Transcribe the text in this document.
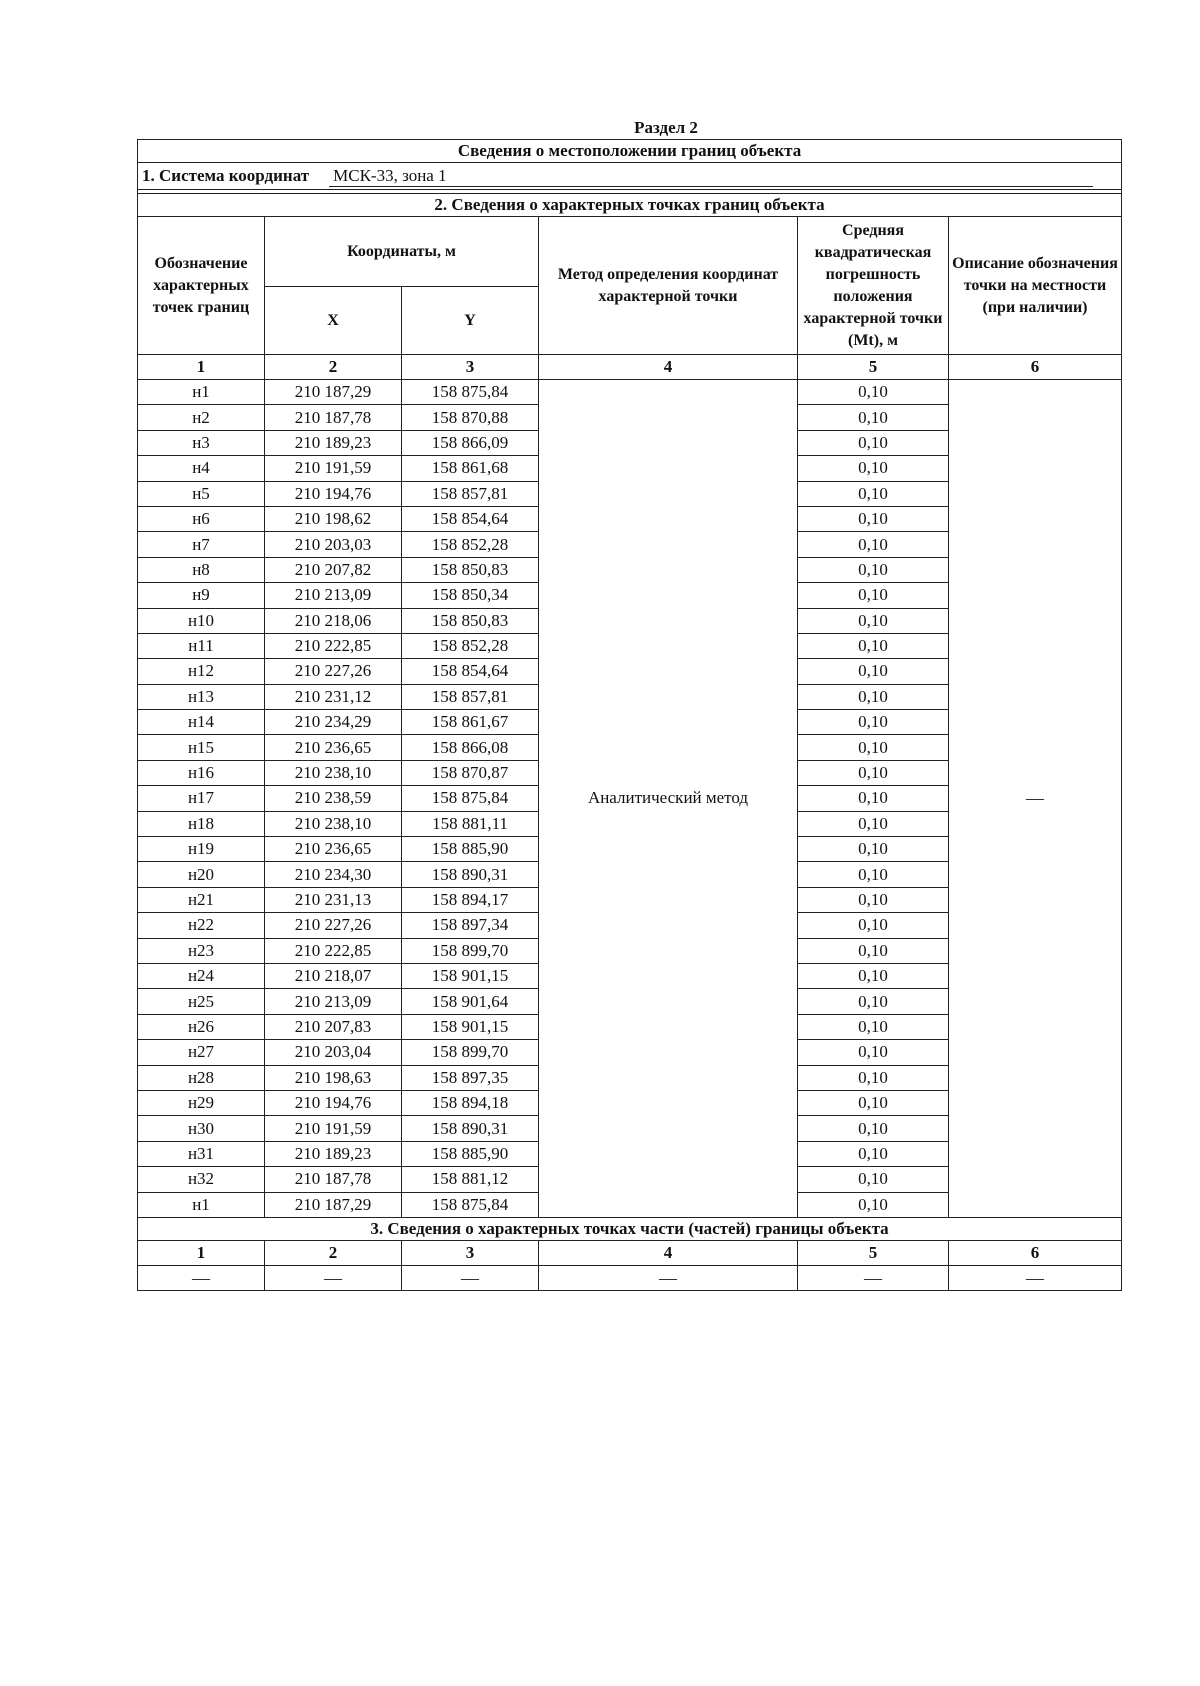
Раздел 2
Сведения о местоположении границ объекта					
1. Система координат МСК-33, зона 1					

2. Сведения о характерных точках границ объекта					
Обозначение характерных точек границ	Координаты, м		Метод определения координат характерной точки	Средняя квадратическая погрешность положения характерной точки (Mt), м	Описание обозначения точки на местности (при наличии)
	X	Y			
1	2	3	4	5	6
н1	210 187,29	158 875,84	Аналитический метод	0,10	—
н2	210 187,78	158 870,88		0,10	
н3	210 189,23	158 866,09		0,10	
н4	210 191,59	158 861,68		0,10	
н5	210 194,76	158 857,81		0,10	
н6	210 198,62	158 854,64		0,10	
н7	210 203,03	158 852,28		0,10	
н8	210 207,82	158 850,83		0,10	
н9	210 213,09	158 850,34		0,10	
н10	210 218,06	158 850,83		0,10	
н11	210 222,85	158 852,28		0,10	
н12	210 227,26	158 854,64		0,10	
н13	210 231,12	158 857,81		0,10	
н14	210 234,29	158 861,67		0,10	
н15	210 236,65	158 866,08		0,10	
н16	210 238,10	158 870,87		0,10	
н17	210 238,59	158 875,84		0,10	
н18	210 238,10	158 881,11		0,10	
н19	210 236,65	158 885,90		0,10	
н20	210 234,30	158 890,31		0,10	
н21	210 231,13	158 894,17		0,10	
н22	210 227,26	158 897,34		0,10	
н23	210 222,85	158 899,70		0,10	
н24	210 218,07	158 901,15		0,10	
н25	210 213,09	158 901,64		0,10	
н26	210 207,83	158 901,15		0,10	
н27	210 203,04	158 899,70		0,10	
н28	210 198,63	158 897,35		0,10	
н29	210 194,76	158 894,18		0,10	
н30	210 191,59	158 890,31		0,10	
н31	210 189,23	158 885,90		0,10	
н32	210 187,78	158 881,12		0,10	
н1	210 187,29	158 875,84		0,10	
3. Сведения о характерных точках части (частей) границы объекта					
1	2	3	4	5	6
—	—	—	—	—	—
